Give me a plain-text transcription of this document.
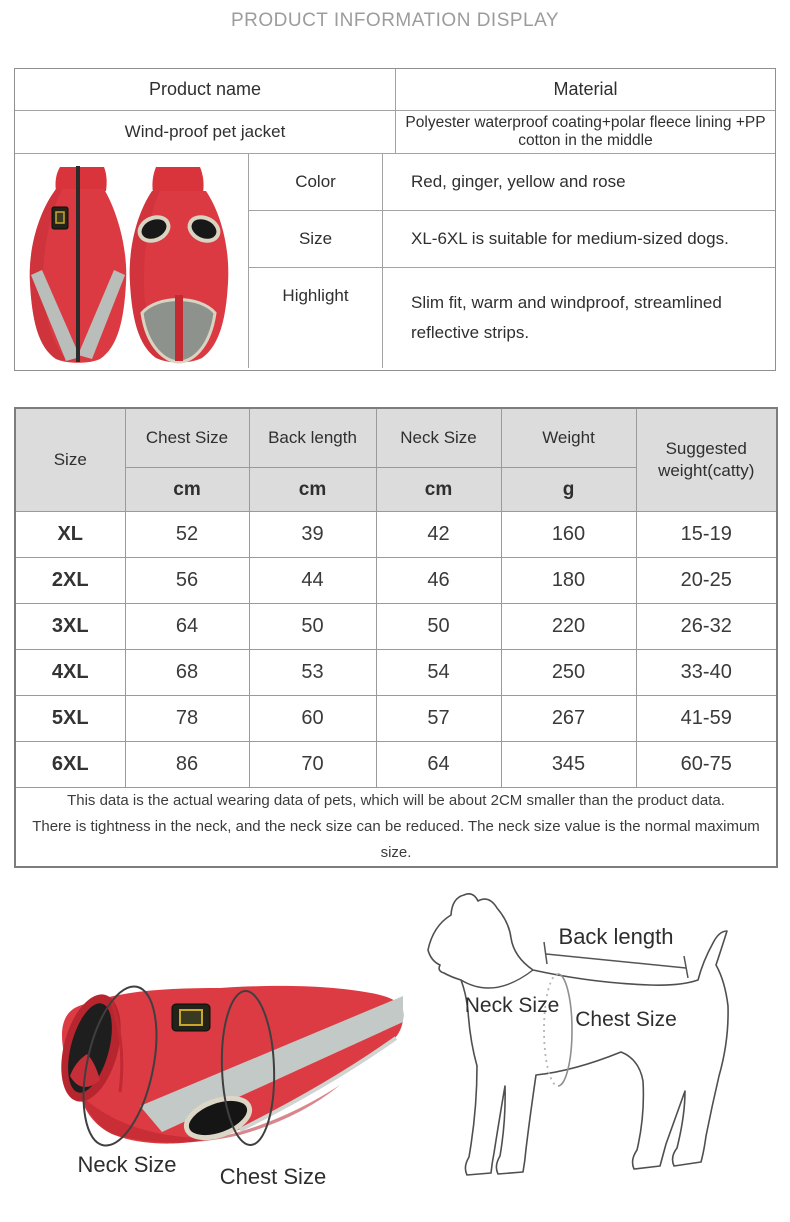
PRODUCT INFORMATION DISPLAY
Product name	Material
Wind-proof pet jacket	Polyester waterproof coating+polar fleece lining +PP cotton in the middle
Color	Red, ginger, yellow and rose
Size	XL-6XL is suitable for medium-sized dogs.
Highlight	Slim fit, warm and windproof, streamlined reflective strips.
Size	Chest Size	Back length	Neck Size	Weight	Suggested weight(catty)
	cm	cm	cm	g	
XL	52	39	42	160	15-19
2XL	56	44	46	180	20-25
3XL	64	50	50	220	26-32
4XL	68	53	54	250	33-40
5XL	78	60	57	267	41-59
6XL	86	70	64	345	60-75

This data is the actual wearing data of pets, which will be about 2CM smaller than the product data.
There is tightness in the neck, and the neck size can be reduced. The neck size value is the normal maximum size.					
Neck Size Chest Size
Back length
Neck Size
Chest Size
